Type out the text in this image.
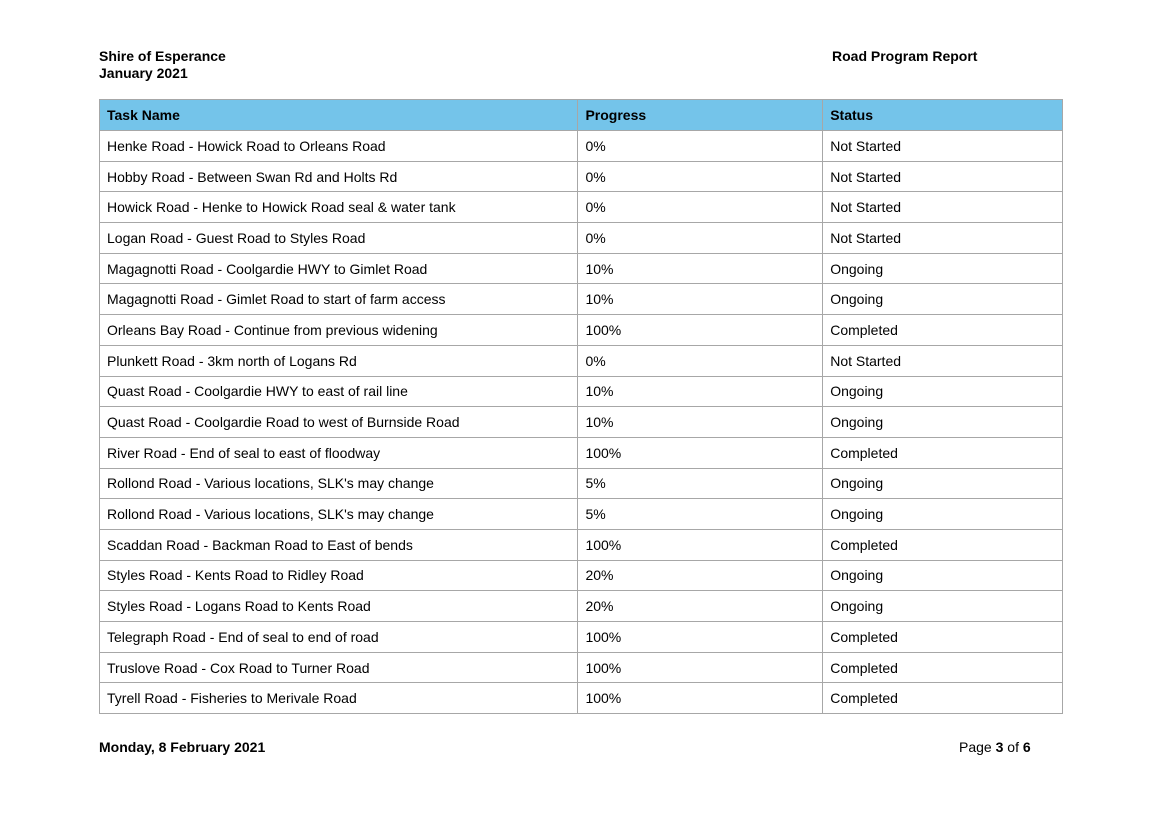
Shire of Esperance
January 2021
Road Program Report
Task Name	Progress	Status
Henke Road - Howick Road to Orleans Road	0%	Not Started
Hobby Road - Between Swan Rd and Holts Rd	0%	Not Started
Howick Road - Henke to Howick Road seal & water tank	0%	Not Started
Logan Road - Guest Road to Styles Road	0%	Not Started
Magagnotti Road - Coolgardie HWY to Gimlet Road	10%	Ongoing
Magagnotti Road - Gimlet Road to start of farm access	10%	Ongoing
Orleans Bay Road - Continue from previous widening	100%	Completed
Plunkett Road - 3km north of Logans Rd	0%	Not Started
Quast Road - Coolgardie HWY to east of rail line	10%	Ongoing
Quast Road - Coolgardie Road to west of Burnside Road	10%	Ongoing
River Road - End of seal to east of floodway	100%	Completed
Rollond Road - Various locations, SLK's may change	5%	Ongoing
Rollond Road - Various locations, SLK's may change	5%	Ongoing
Scaddan Road - Backman Road to East of bends	100%	Completed
Styles Road - Kents Road to Ridley Road	20%	Ongoing
Styles Road - Logans Road to Kents Road	20%	Ongoing
Telegraph Road - End of seal to end of road	100%	Completed
Truslove Road - Cox Road to Turner Road	100%	Completed
Tyrell Road - Fisheries to Merivale Road	100%	Completed
Monday, 8 February 2021	Page 3 of 6
